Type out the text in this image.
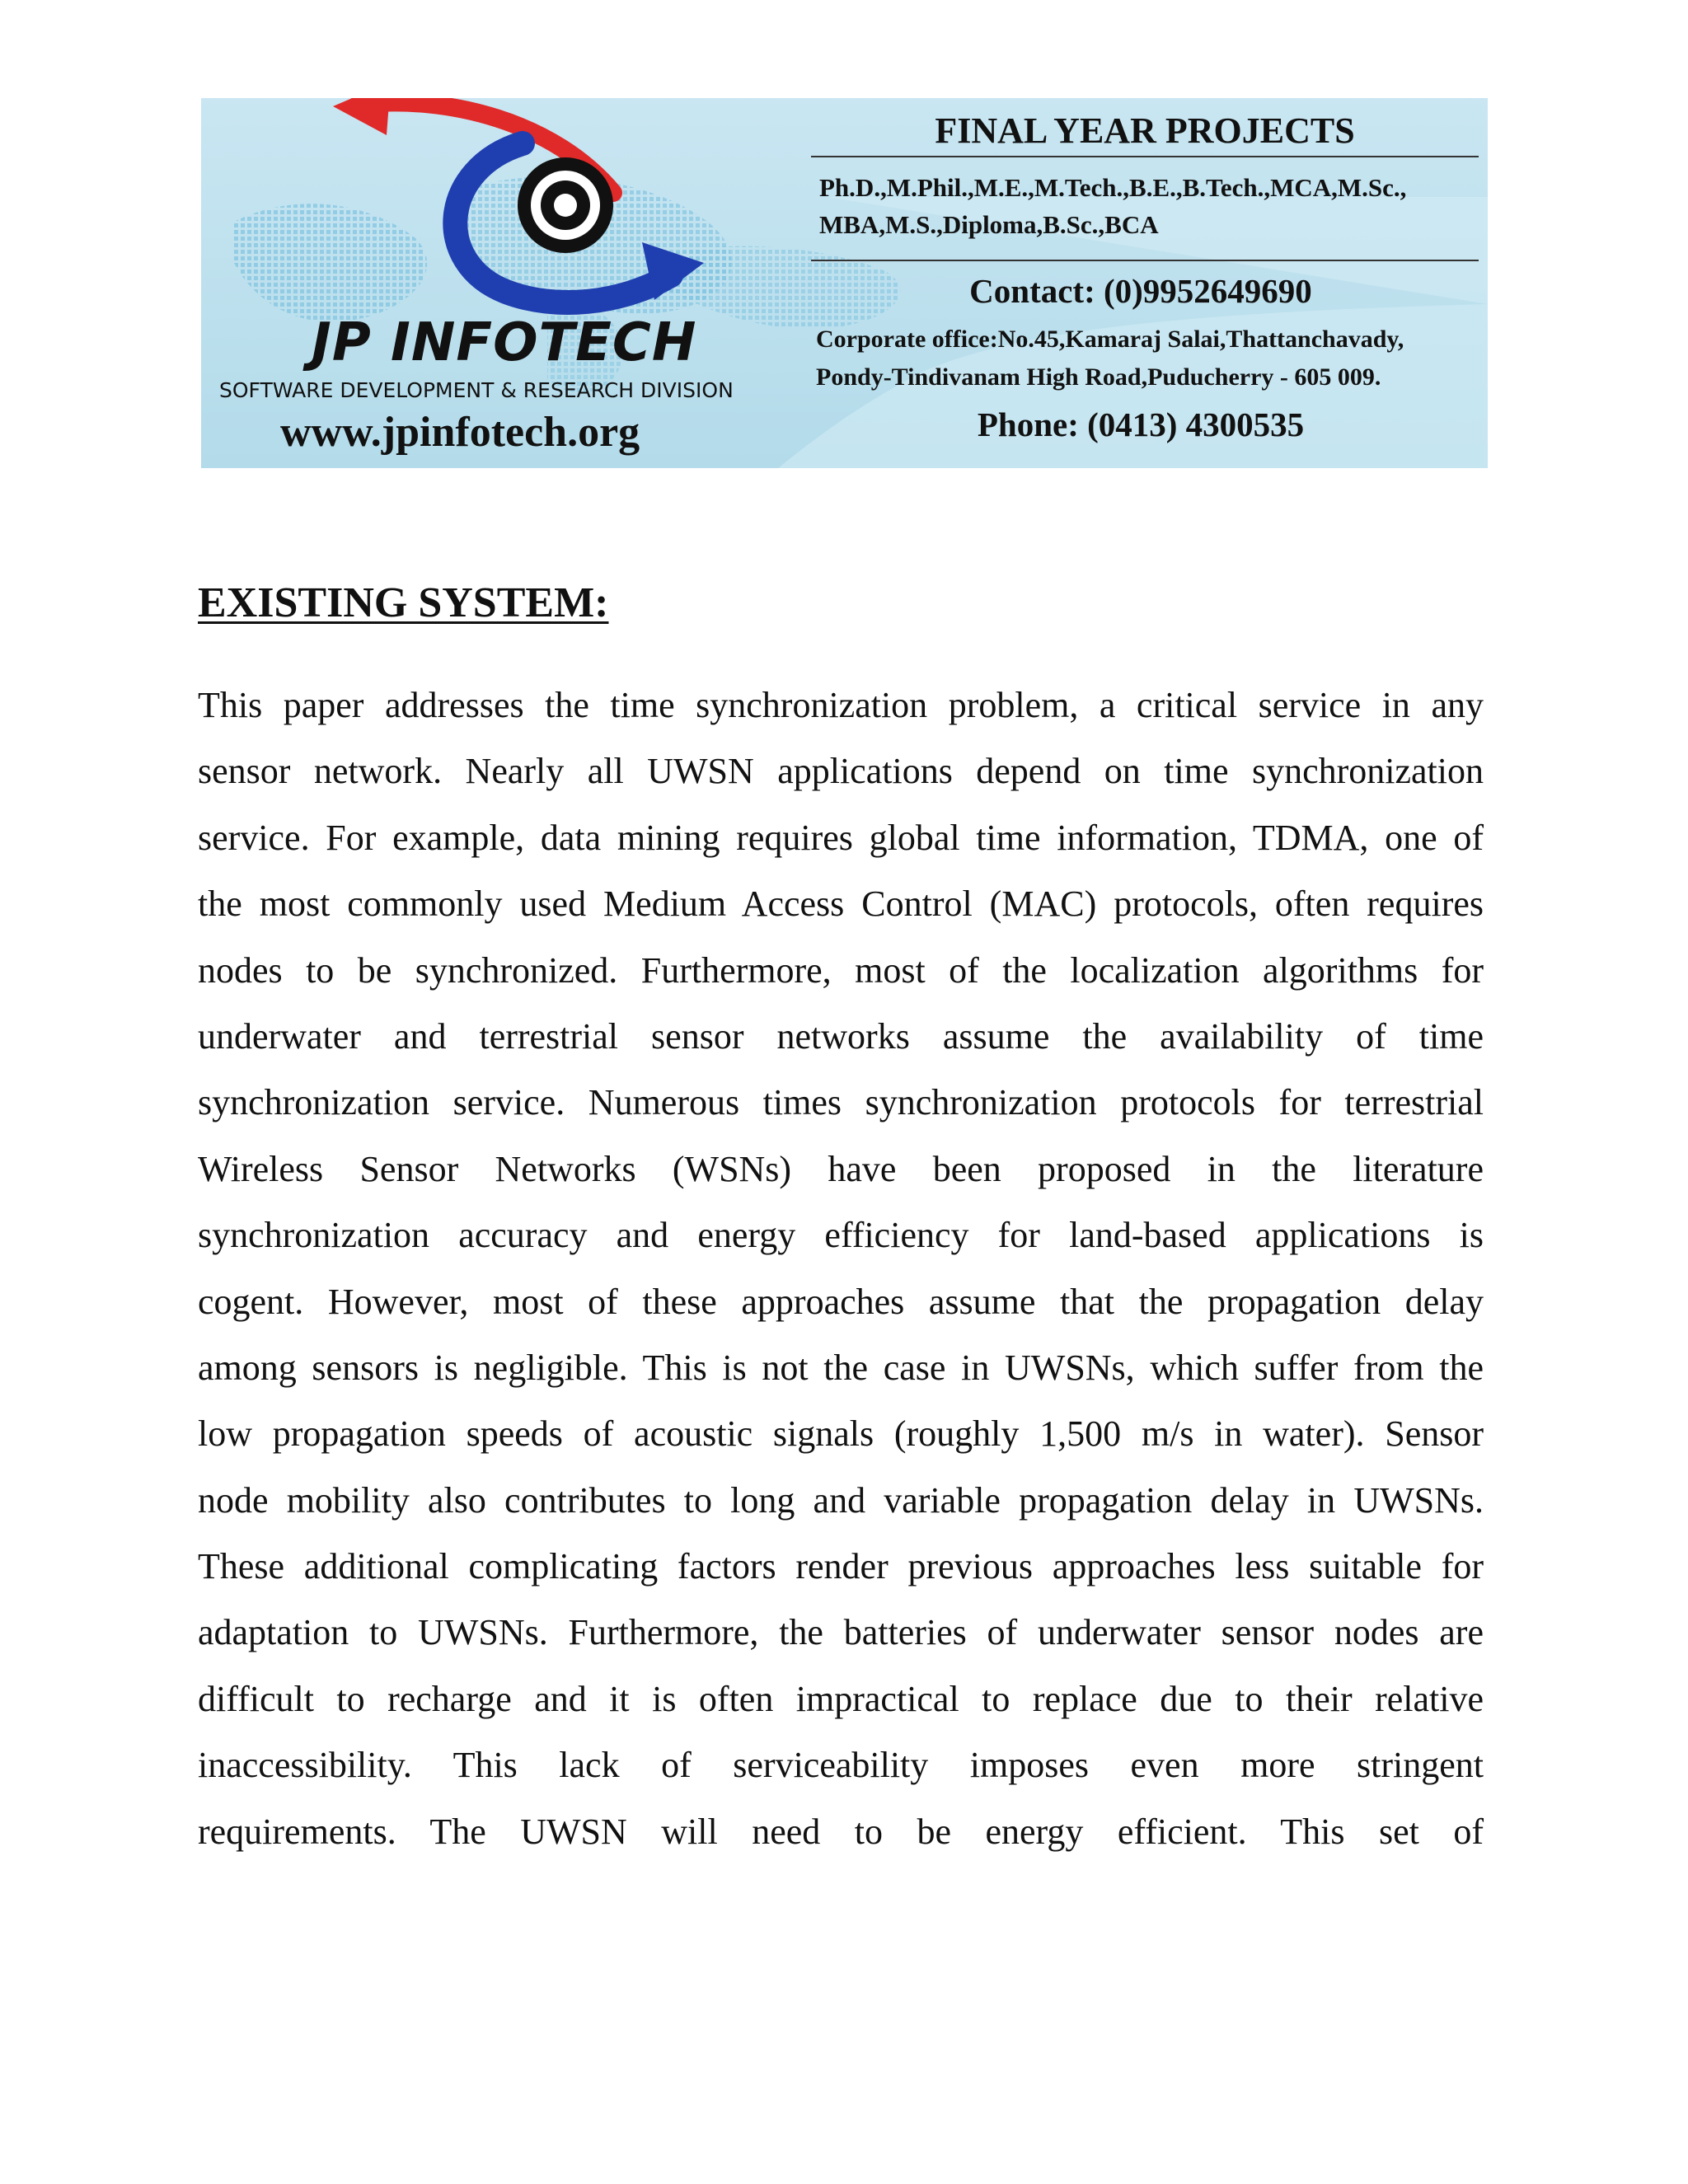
JP INFOTECH
SOFTWARE DEVELOPMENT & RESEARCH DIVISION
www.jpinfotech.org
FINAL YEAR PROJECTS
Ph.D.,M.Phil.,M.E.,M.Tech.,B.E.,B.Tech.,MCA,M.Sc.,
MBA,M.S.,Diploma,B.Sc.,BCA
Contact: (0)9952649690
Corporate office:No.45,Kamaraj Salai,Thattanchavady,
Pondy-Tindivanam High Road,Puducherry - 605 009.
Phone: (0413) 4300535
EXISTING SYSTEM:
This paper addresses the time synchronization problem, a critical service in any
sensor network. Nearly all UWSN applications depend on time synchronization
service. For example, data mining requires global time information, TDMA, one of
the most commonly used Medium Access Control (MAC) protocols, often requires
nodes to be synchronized. Furthermore, most of the localization algorithms for
underwater and terrestrial sensor networks assume the availability of time
synchronization service. Numerous times synchronization protocols for terrestrial
Wireless Sensor Networks (WSNs) have been proposed in the literature
synchronization accuracy and energy efficiency for land-based applications is
cogent. However, most of these approaches assume that the propagation delay
among sensors is negligible. This is not the case in UWSNs, which suffer from the
low propagation speeds of acoustic signals (roughly 1,500 m/s in water). Sensor
node mobility also contributes to long and variable propagation delay in UWSNs.
These additional complicating factors render previous approaches less suitable for
adaptation to UWSNs. Furthermore, the batteries of underwater sensor nodes are
difficult to recharge and it is often impractical to replace due to their relative
inaccessibility. This lack of serviceability imposes even more stringent
requirements. The UWSN will need to be energy efficient. This set of
